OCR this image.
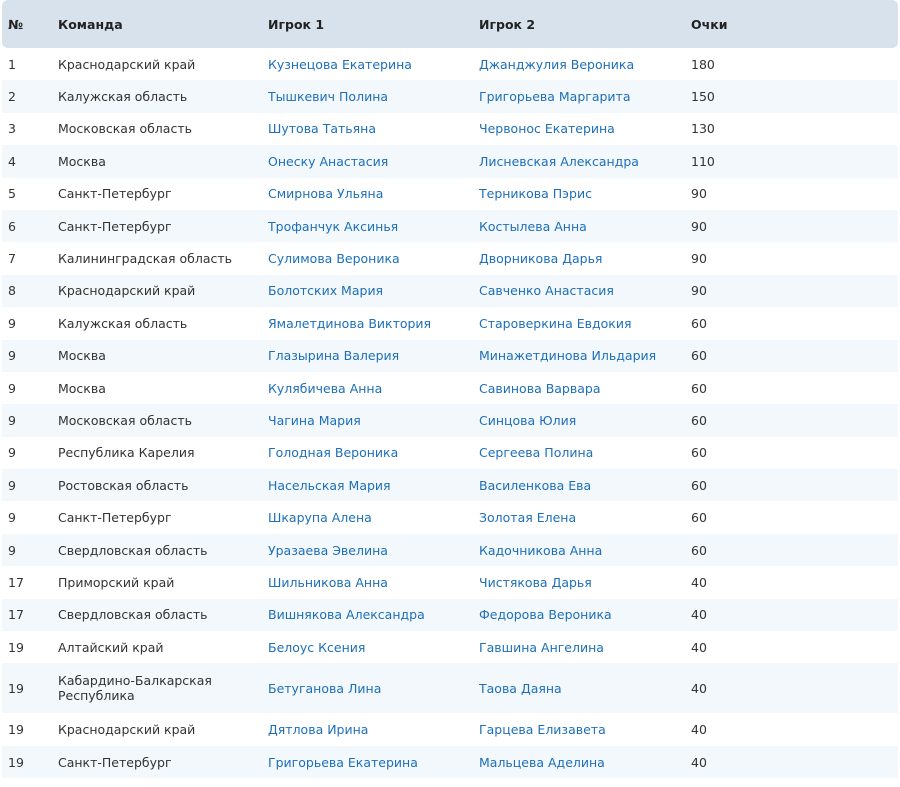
№	Команда	Игрок 1	Игрок 2	Очки
1	Краснодарский край	Кузнецова Екатерина	Джанджулия Вероника	180
2	Калужская область	Тышкевич Полина	Григорьева Маргарита	150
3	Московская область	Шутова Татьяна	Червонос Екатерина	130
4	Москва	Онеску Анастасия	Лисневская Александра	110
5	Санкт-Петербург	Смирнова Ульяна	Терникова Пэрис	90
6	Санкт-Петербург	Трофанчук Аксинья	Костылева Анна	90
7	Калининградская область	Сулимова Вероника	Дворникова Дарья	90
8	Краснодарский край	Болотских Мария	Савченко Анастасия	90
9	Калужская область	Ямалетдинова Виктория	Староверкина Евдокия	60
9	Москва	Глазырина Валерия	Минажетдинова Ильдария	60
9	Москва	Кулябичева Анна	Савинова Варвара	60
9	Московская область	Чагина Мария	Синцова Юлия	60
9	Республика Карелия	Голодная Вероника	Сергеева Полина	60
9	Ростовская область	Насельская Мария	Василенкова Ева	60
9	Санкт-Петербург	Шкарупа Алена	Золотая Елена	60
9	Свердловская область	Уразаева Эвелина	Кадочникова Анна	60
17	Приморский край	Шильникова Анна	Чистякова Дарья	40
17	Свердловская область	Вишнякова Александра	Федорова Вероника	40
19	Алтайский край	Белоус Ксения	Гавшина Ангелина	40
19	Кабардино-Балкарская Республика	Бетуганова Лина	Таова Даяна	40
19	Краснодарский край	Дятлова Ирина	Гарцева Елизавета	40
19	Санкт-Петербург	Григорьева Екатерина	Мальцева Аделина	40
